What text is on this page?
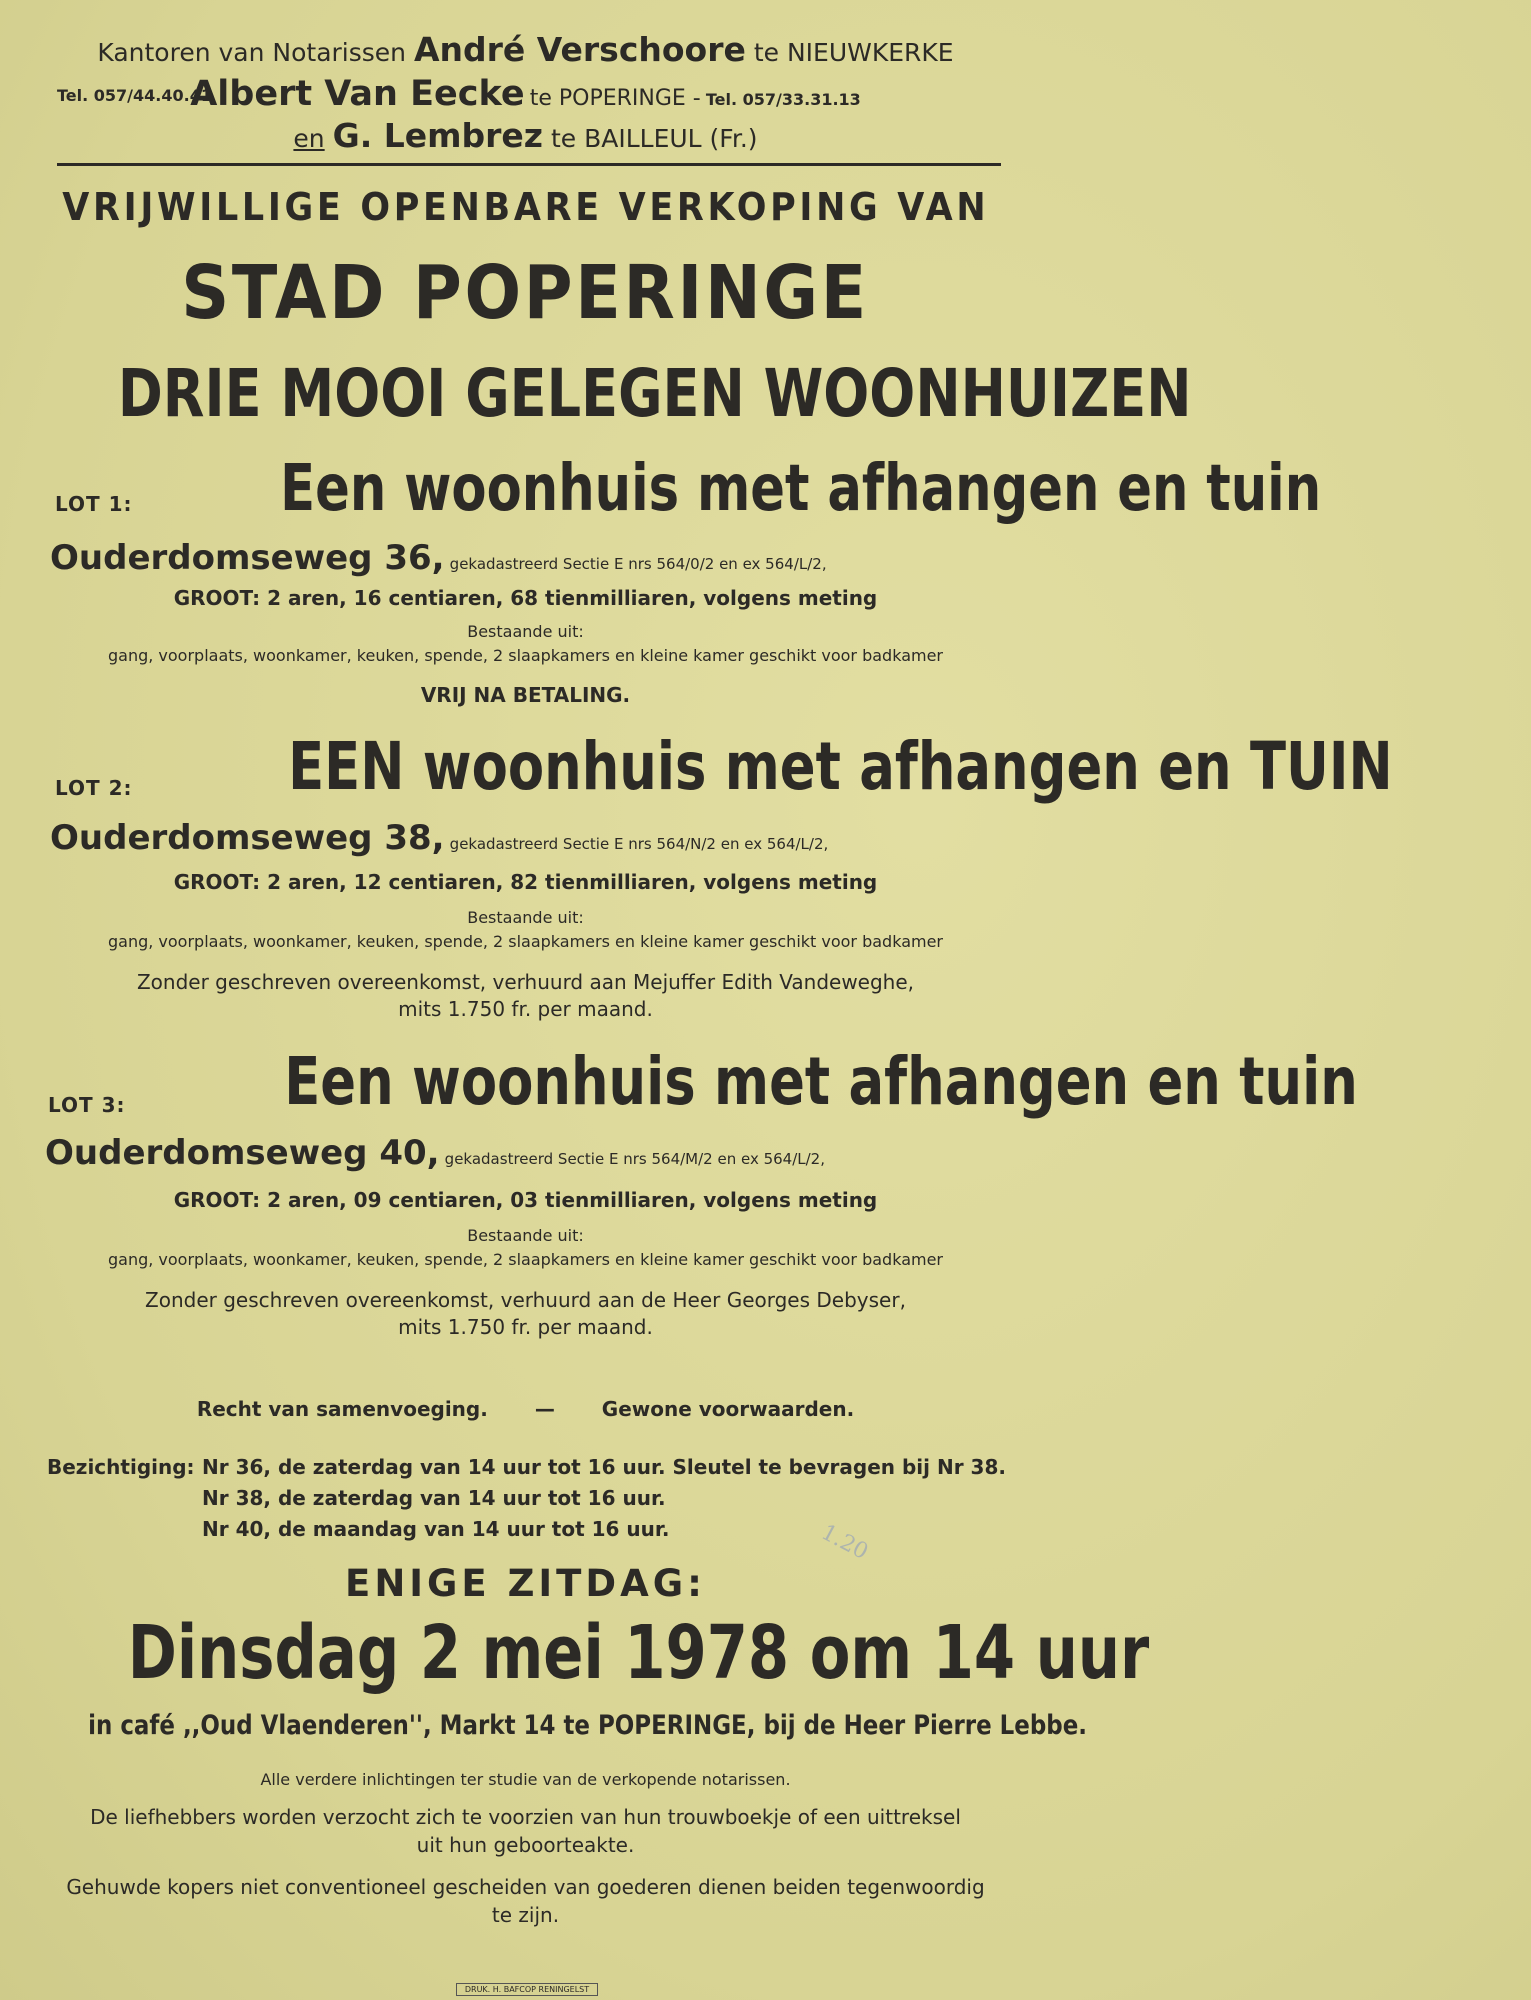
Kantoren van Notarissen André Verschoore te NIEUWKERKE
Tel. 057/44.40.41
Albert Van Eecke te POPERINGE - Tel. 057/33.31.13
en G. Lembrez te BAILLEUL (Fr.)
VRIJWILLIGE OPENBARE VERKOPING VAN
STAD POPERINGE
DRIE MOOI GELEGEN WOONHUIZEN
LOT 1: Een woonhuis met afhangen en tuin
Ouderdomseweg 36, gekadastreerd Sectie E nrs 564/0/2 en ex 564/L/2,
GROOT: 2 aren, 16 centiaren, 68 tienmilliaren, volgens meting
Bestaande uit:
gang, voorplaats, woonkamer, keuken, spende, 2 slaapkamers en kleine kamer geschikt voor badkamer
VRIJ NA BETALING.
LOT 2: EEN woonhuis met afhangen en TUIN
Ouderdomseweg 38, gekadastreerd Sectie E nrs 564/N/2 en ex 564/L/2,
GROOT: 2 aren, 12 centiaren, 82 tienmilliaren, volgens meting
Bestaande uit:
gang, voorplaats, woonkamer, keuken, spende, 2 slaapkamers en kleine kamer geschikt voor badkamer
Zonder geschreven overeenkomst, verhuurd aan Mejuffer Edith Vandeweghe,
mits 1.750 fr. per maand.
LOT 3: Een woonhuis met afhangen en tuin
Ouderdomseweg 40, gekadastreerd Sectie E nrs 564/M/2 en ex 564/L/2,
GROOT: 2 aren, 09 centiaren, 03 tienmilliaren, volgens meting
Bestaande uit:
gang, voorplaats, woonkamer, keuken, spende, 2 slaapkamers en kleine kamer geschikt voor badkamer
Zonder geschreven overeenkomst, verhuurd aan de Heer Georges Debyser,
mits 1.750 fr. per maand.
Recht van samenvoeging. — Gewone voorwaarden.
Bezichtiging: Nr 36, de zaterdag van 14 uur tot 16 uur. Sleutel te bevragen bij Nr 38.
Nr 38, de zaterdag van 14 uur tot 16 uur.
Nr 40, de maandag van 14 uur tot 16 uur.
ENIGE ZITDAG:
Dinsdag 2 mei 1978 om 14 uur
in café ,,Oud Vlaenderen'', Markt 14 te POPERINGE, bij de Heer Pierre Lebbe.
Alle verdere inlichtingen ter studie van de verkopende notarissen.
De liefhebbers worden verzocht zich te voorzien van hun trouwboekje of een uittreksel
uit hun geboorteakte.
Gehuwde kopers niet conventioneel gescheiden van goederen dienen beiden tegenwoordig
te zijn.
1.20
DRUK. H. BAFCOP RENINGELST
